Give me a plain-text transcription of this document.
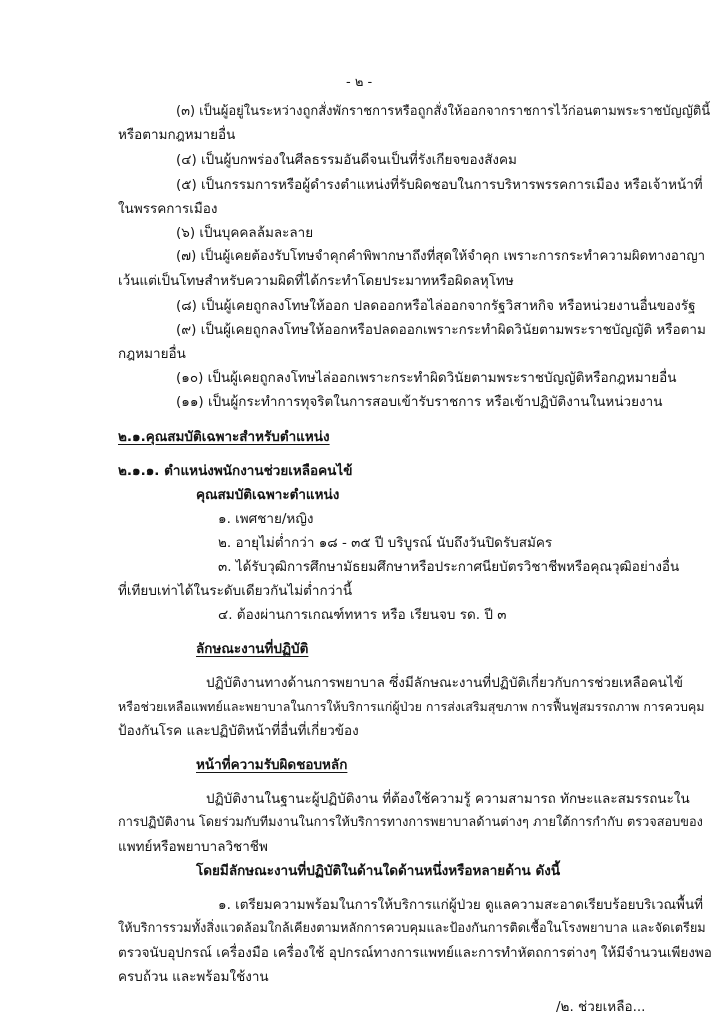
- ๒ -
(๓) เป็นผู้อยู่ในระหว่างถูกสั่งพักราชการหรือถูกสั่งให้ออกจากราชการไว้ก่อนตามพระราชบัญญัตินี้
หรือตามกฎหมายอื่น
(๔) เป็นผู้บกพร่องในศีลธรรมอันดีจนเป็นที่รังเกียจของสังคม
(๕) เป็นกรรมการหรือผู้ดำรงตำแหน่งที่รับผิดชอบในการบริหารพรรคการเมือง หรือเจ้าหน้าที่
ในพรรคการเมือง
(๖) เป็นบุคคลล้มละลาย
(๗) เป็นผู้เคยต้องรับโทษจำคุกคำพิพากษาถึงที่สุดให้จำคุก เพราะการกระทำความผิดทางอาญา
เว้นแต่เป็นโทษสำหรับความผิดที่ได้กระทำโดยประมาทหรือผิดลหุโทษ
(๘) เป็นผู้เคยถูกลงโทษให้ออก ปลดออกหรือไล่ออกจากรัฐวิสาหกิจ หรือหน่วยงานอื่นของรัฐ
(๙) เป็นผู้เคยถูกลงโทษให้ออกหรือปลดออกเพราะกระทำผิดวินัยตามพระราชบัญญัติ หรือตาม
กฎหมายอื่น
(๑๐) เป็นผู้เคยถูกลงโทษไล่ออกเพราะกระทำผิดวินัยตามพระราชบัญญัติหรือกฎหมายอื่น
(๑๑) เป็นผู้กระทำการทุจริตในการสอบเข้ารับราชการ หรือเข้าปฏิบัติงานในหน่วยงาน
๒.๑.คุณสมบัติเฉพาะสำหรับตำแหน่ง
๒.๑.๑. ตำแหน่งพนักงานช่วยเหลือคนไข้
คุณสมบัติเฉพาะตำแหน่ง
๑. เพศชาย/หญิง
๒. อายุไม่ต่ำกว่า ๑๘ - ๓๕ ปี บริบูรณ์ นับถึงวันปิดรับสมัคร
๓. ได้รับวุฒิการศึกษามัธยมศึกษาหรือประกาศนียบัตรวิชาชีพหรือคุณวุฒิอย่างอื่น
ที่เทียบเท่าได้ในระดับเดียวกันไม่ต่ำกว่านี้
๔. ต้องผ่านการเกณฑ์ทหาร หรือ เรียนจบ รด. ปี ๓
ลักษณะงานที่ปฏิบัติ
ปฏิบัติงานทางด้านการพยาบาล ซึ่งมีลักษณะงานที่ปฏิบัติเกี่ยวกับการช่วยเหลือคนไข้
หรือช่วยเหลือแพทย์และพยาบาลในการให้บริการแก่ผู้ป่วย การส่งเสริมสุขภาพ การฟื้นฟูสมรรถภาพ การควบคุม
ป้องกันโรค และปฏิบัติหน้าที่อื่นที่เกี่ยวข้อง
หน้าที่ความรับผิดชอบหลัก
ปฏิบัติงานในฐานะผู้ปฏิบัติงาน ที่ต้องใช้ความรู้ ความสามารถ ทักษะและสมรรถนะใน
การปฏิบัติงาน โดยร่วมกับทีมงานในการให้บริการทางการพยาบาลด้านต่างๆ ภายใต้การกำกับ ตรวจสอบของ
แพทย์หรือพยาบาลวิชาชีพ
โดยมีลักษณะงานที่ปฏิบัติในด้านใดด้านหนึ่งหรือหลายด้าน ดังนี้
๑. เตรียมความพร้อมในการให้บริการแก่ผู้ป่วย ดูแลความสะอาดเรียบร้อยบริเวณพื้นที่
ให้บริการรวมทั้งสิ่งแวดล้อมใกล้เคียงตามหลักการควบคุมและป้องกันการติดเชื้อในโรงพยาบาล และจัดเตรียม
ตรวจนับอุปกรณ์ เครื่องมือ เครื่องใช้ อุปกรณ์ทางการแพทย์และการทำหัตถการต่างๆ ให้มีจำนวนเพียงพอ
ครบถ้วน และพร้อมใช้งาน
/๒. ช่วยเหลือ...
